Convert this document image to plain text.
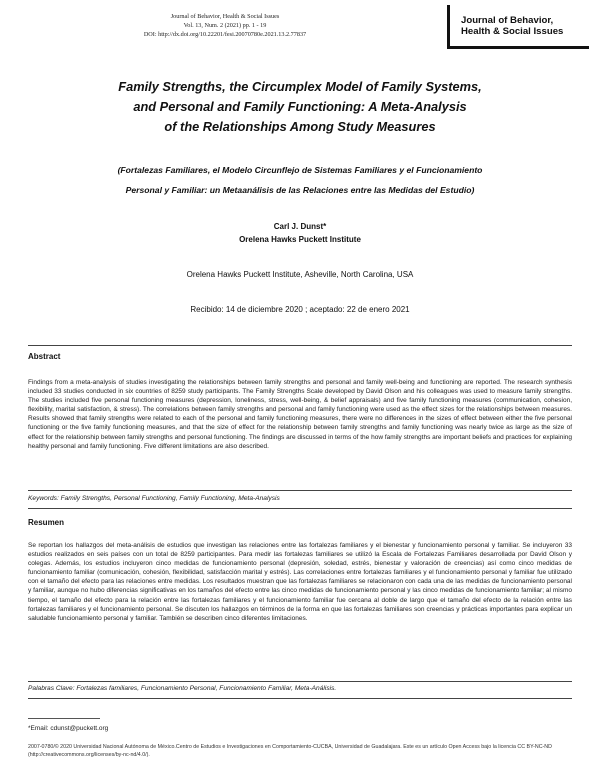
Journal of Behavior, Health & Social Issues
Vol. 13, Num. 2 (2021) pp. 1 - 19
DOI: http://dx.doi.org/10.22201/fesi.20070780e.2021.13.2.77837
Journal of Behavior,
Health & Social Issues
Family Strengths, the Circumplex Model of Family Systems,
and Personal and Family Functioning: A Meta-Analysis
of the Relationships Among Study Measures
(Fortalezas Familiares, el Modelo Circunflejo de Sistemas Familiares y el Funcionamiento
Personal y Familiar: un Metaanálisis de las Relaciones entre las Medidas del Estudio)
Carl J. Dunst*
Orelena Hawks Puckett Institute
Orelena Hawks Puckett Institute, Asheville, North Carolina, USA
Recibido: 14 de diciembre 2020 ; aceptado: 22 de enero 2021
Abstract
Findings from a meta-analysis of studies investigating the relationships between family strengths and personal and family well-being and functioning are reported. The research synthesis included 33 studies conducted in six countries of 8259 study participants. The Family Strengths Scale developed by David Olson and his colleagues was used to measure family strengths. The studies included five personal functioning measures (depression, loneliness, stress, well-being, & belief appraisals) and five family functioning measures (communication, cohesion, flexibility, marital satisfaction, & stress). The correlations between family strengths and personal and family functioning were used as the effect sizes for the relationships between measures. Results showed that family strengths were related to each of the personal and family functioning measures, there were no differences in the sizes of effect between either the five personal functioning or the five family functioning measures, and that the size of effect for the relationship between family strengths and family functioning was nearly twice as large as the size of effect for the relationship between family strengths and personal functioning. The findings are discussed in terms of the how family strengths are important beliefs and practices for explaining healthy personal and family functioning. Five different limitations are also described.
Keywords: Family Strengths, Personal Functioning, Family Functioning, Meta-Analysis
Resumen
Se reportan los hallazgos del meta-análisis de estudios que investigan las relaciones entre las fortalezas familiares y el bienestar y funcionamiento personal y familiar. Se incluyeron 33 estudios realizados en seis países con un total de 8259 participantes. Para medir las fortalezas familiares se utilizó la Escala de Fortalezas Familiares desarrollada por David Olson y colegas. Además, los estudios incluyeron cinco medidas de funcionamiento personal (depresión, soledad, estrés, bienestar y valoración de creencias) así como cinco medidas de funcionamiento familiar (comunicación, cohesión, flexibilidad, satisfacción marital y estrés). Las correlaciones entre fortalezas familiares y el funcionamiento personal y familiar fue utilizado con el tamaño del efecto para las relaciones entre medidas. Los resultados muestran que las fortalezas familiares se relacionaron con cada una de las medidas de funcionamiento personal y familiar, aunque no hubo diferencias significativas en los tamaños del efecto entre las cinco medidas de funcionamiento personal y las cinco medidas de funcionamiento familiar; al mismo tiempo, el tamaño del efecto para la relación entre las fortalezas familiares y el funcionamiento familiar fue cercana al doble de largo que el tamaño del efecto de la relación entre las fortalezas familiares y el funcionamiento personal. Se discuten los hallazgos en términos de la forma en que las fortalezas familiares son creencias y prácticas importantes para explicar un saludable funcionamiento personal y familiar. También se describen cinco diferentes limitaciones.
Palabras Clave: Fortalezas familiares, Funcionamiento Personal, Funcionamiento Familiar, Meta-Análisis.
*Email: cdunst@puckett.org
2007-0780/© 2020 Universidad Nacional Autónoma de México.Centro de Estudios e Investigaciones en Comportamiento-CUCBA, Universidad de Guadalajara. Este es un artículo Open Access bajo la licencia CC BY-NC-ND (http://creativecommons.org/licenses/by-nc-nd/4.0/).
